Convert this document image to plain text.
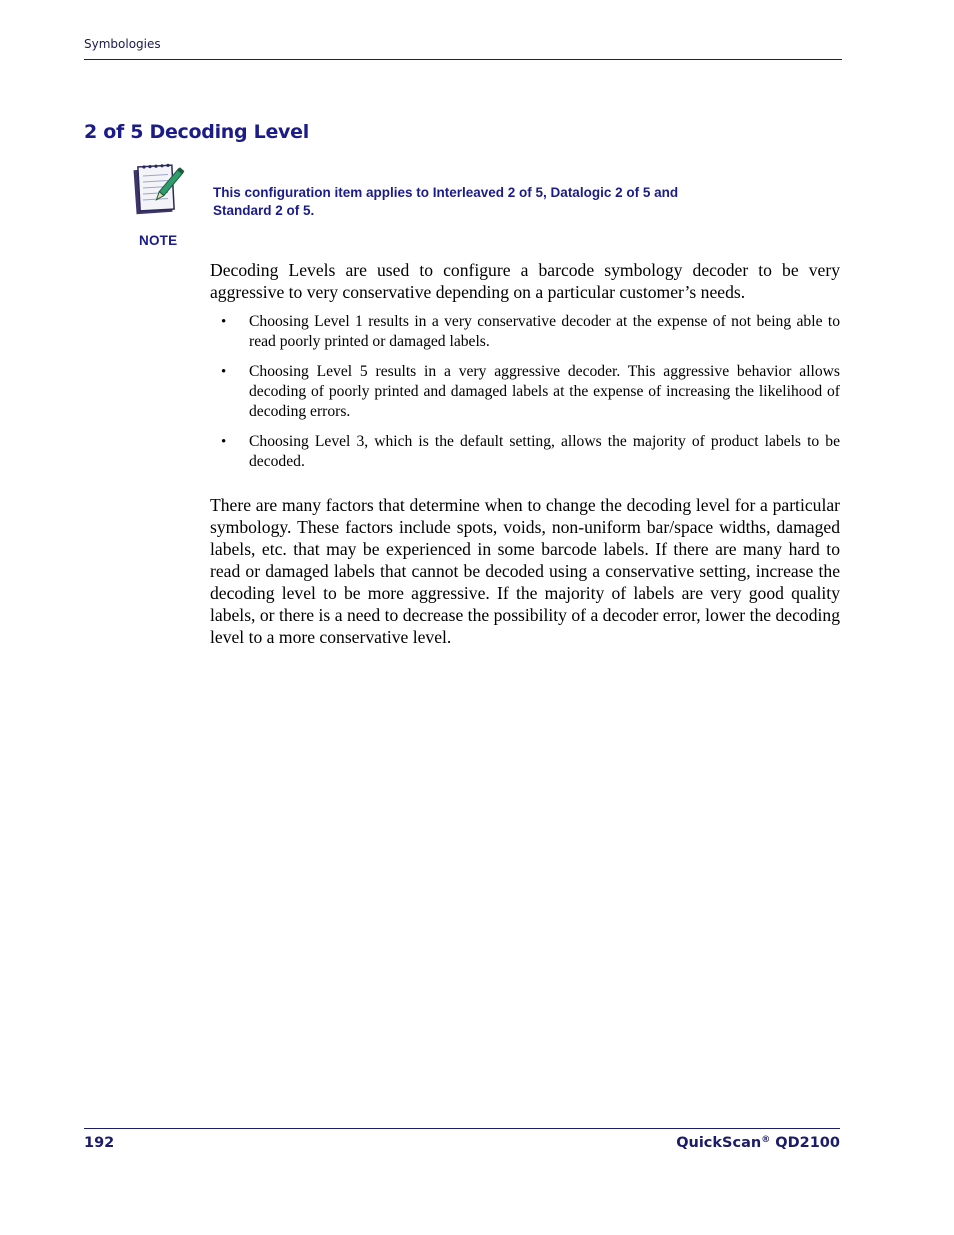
Symbologies
2 of 5 Decoding Level
NOTE

This configuration item applies to Interleaved 2 of 5, Datalogic 2 of 5 and Standard 2 of 5.

Decoding Levels are used to configure a barcode symbology decoder to be very aggressive to very conservative depending on a particular customer’s needs.

• Choosing Level 1 results in a very conservative decoder at the expense of not being able to read poorly printed or damaged labels.
• Choosing Level 5 results in a very aggressive decoder. This aggressive behavior allows decoding of poorly printed and damaged labels at the expense of increasing the likelihood of decoding errors.
• Choosing Level 3, which is the default setting, allows the majority of product labels to be decoded.

There are many factors that determine when to change the decoding level for a particular symbology. These factors include spots, voids, non-uniform bar/space widths, damaged labels, etc. that may be experienced in some barcode labels. If there are many hard to read or damaged labels that cannot be decoded using a conservative setting, increase the decoding level to be more aggressive. If the majority of labels are very good quality labels, or there is a need to decrease the possibility of a decoder error, lower the decoding level to a more conservative level.

192	QuickScan® QD2100
